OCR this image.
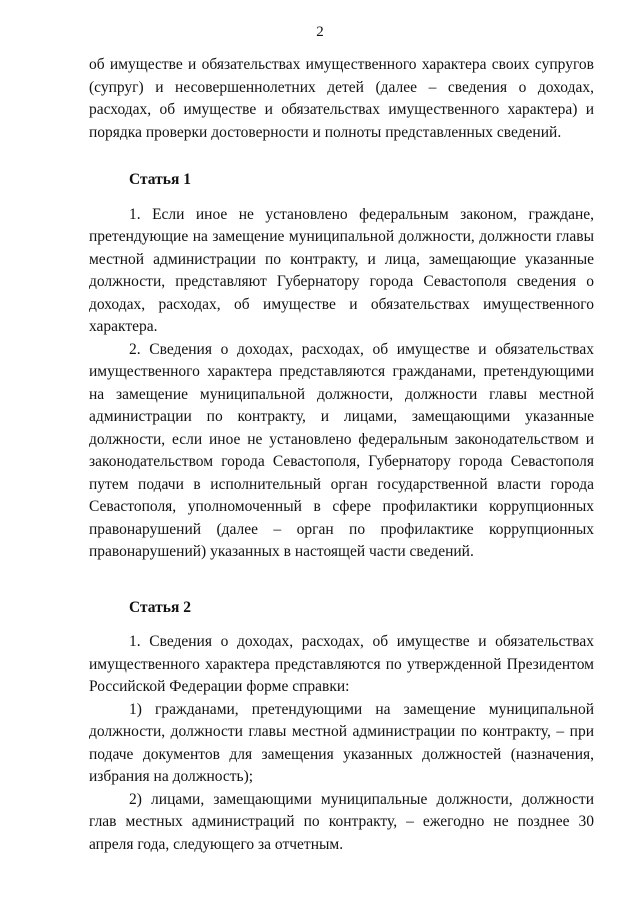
2

об имуществе и обязательствах имущественного характера своих супругов (супруг) и несовершеннолетних детей (далее – сведения о доходах, расходах, об имуществе и обязательствах имущественного характера) и порядка проверки достоверности и полноты представленных сведений.

Статья 1

1. Если иное не установлено федеральным законом, граждане, претендующие на замещение муниципальной должности, должности главы местной администрации по контракту, и лица, замещающие указанные должности, представляют Губернатору города Севастополя сведения о доходах, расходах, об имуществе и обязательствах имущественного характера.

2. Сведения о доходах, расходах, об имуществе и обязательствах имущественного характера представляются гражданами, претендующими на замещение муниципальной должности, должности главы местной администрации по контракту, и лицами, замещающими указанные должности, если иное не установлено федеральным законодательством и законодательством города Севастополя, Губернатору города Севастополя путем подачи в исполнительный орган государственной власти города Севастополя, уполномоченный в сфере профилактики коррупционных правонарушений (далее – орган по профилактике коррупционных правонарушений) указанных в настоящей части сведений.

Статья 2

1. Сведения о доходах, расходах, об имуществе и обязательствах имущественного характера представляются по утвержденной Президентом Российской Федерации форме справки:

1) гражданами, претендующими на замещение муниципальной должности, должности главы местной администрации по контракту, – при подаче документов для замещения указанных должностей (назначения, избрания на должность);

2) лицами, замещающими муниципальные должности, должности глав местных администраций по контракту, – ежегодно не позднее 30 апреля года, следующего за отчетным.
